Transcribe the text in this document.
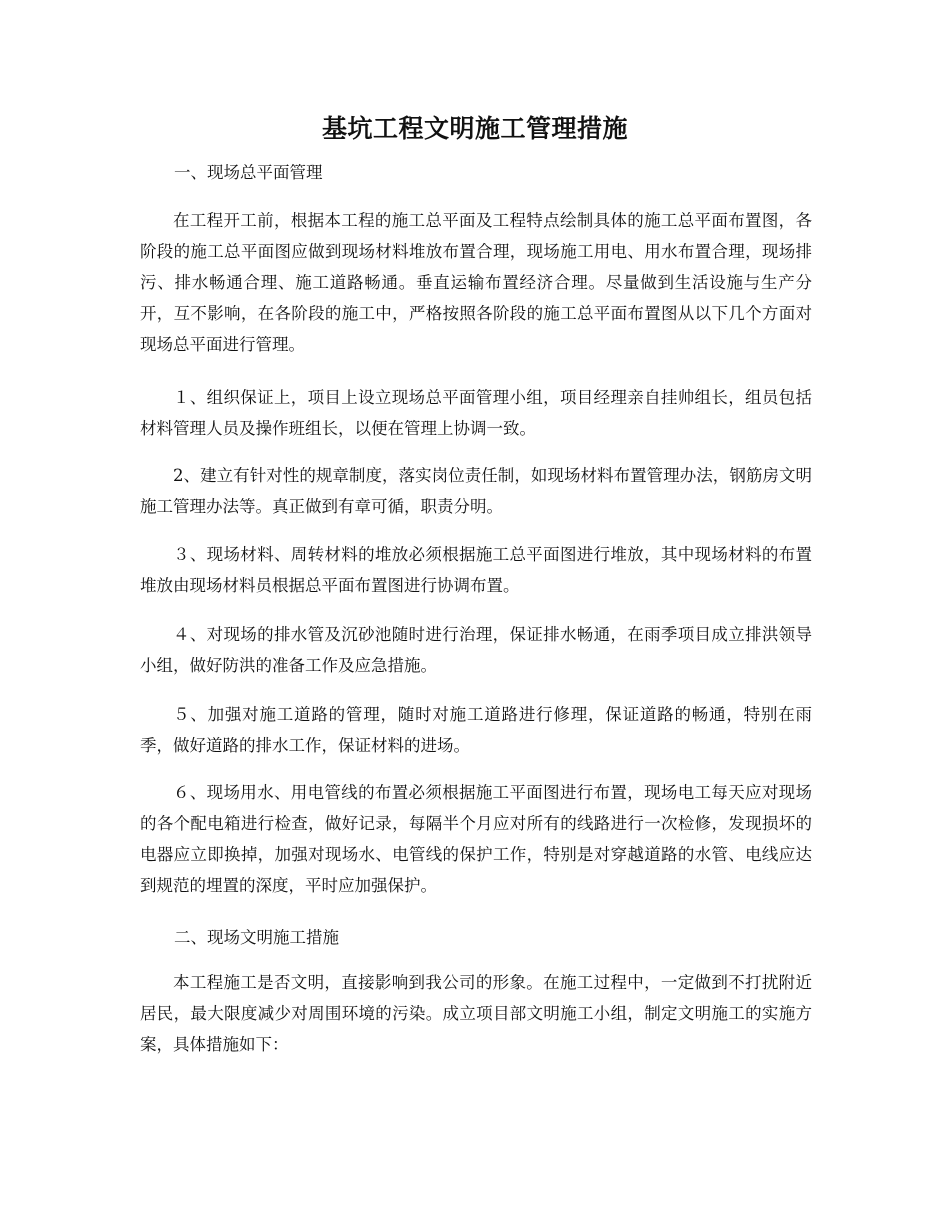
基坑工程文明施工管理措施
一、现场总平面管理
在工程开工前，根据本工程的施工总平面及工程特点绘制具体的施工总平面布置图，各阶段的施工总平面图应做到现场材料堆放布置合理，现场施工用电、用水布置合理，现场排污、排水畅通合理、施工道路畅通。垂直运输布置经济合理。尽量做到生活设施与生产分开，互不影响，在各阶段的施工中，严格按照各阶段的施工总平面布置图从以下几个方面对现场总平面进行管理。
１、组织保证上，项目上设立现场总平面管理小组，项目经理亲自挂帅组长，组员包括材料管理人员及操作班组长，以便在管理上协调一致。
2、建立有针对性的规章制度，落实岗位责任制，如现场材料布置管理办法，钢筋房文明施工管理办法等。真正做到有章可循，职责分明。
３、现场材料、周转材料的堆放必须根据施工总平面图进行堆放，其中现场材料的布置堆放由现场材料员根据总平面布置图进行协调布置。
４、对现场的排水管及沉砂池随时进行治理，保证排水畅通，在雨季项目成立排洪领导小组，做好防洪的准备工作及应急措施。
５、加强对施工道路的管理，随时对施工道路进行修理，保证道路的畅通，特别在雨季，做好道路的排水工作，保证材料的进场。
６、现场用水、用电管线的布置必须根据施工平面图进行布置，现场电工每天应对现场的各个配电箱进行检查，做好记录，每隔半个月应对所有的线路进行一次检修，发现损坏的电器应立即换掉，加强对现场水、电管线的保护工作，特别是对穿越道路的水管、电线应达到规范的埋置的深度，平时应加强保护。
二、现场文明施工措施
本工程施工是否文明，直接影响到我公司的形象。在施工过程中，一定做到不打扰附近居民，最大限度减少对周围环境的污染。成立项目部文明施工小组，制定文明施工的实施方案，具体措施如下：
